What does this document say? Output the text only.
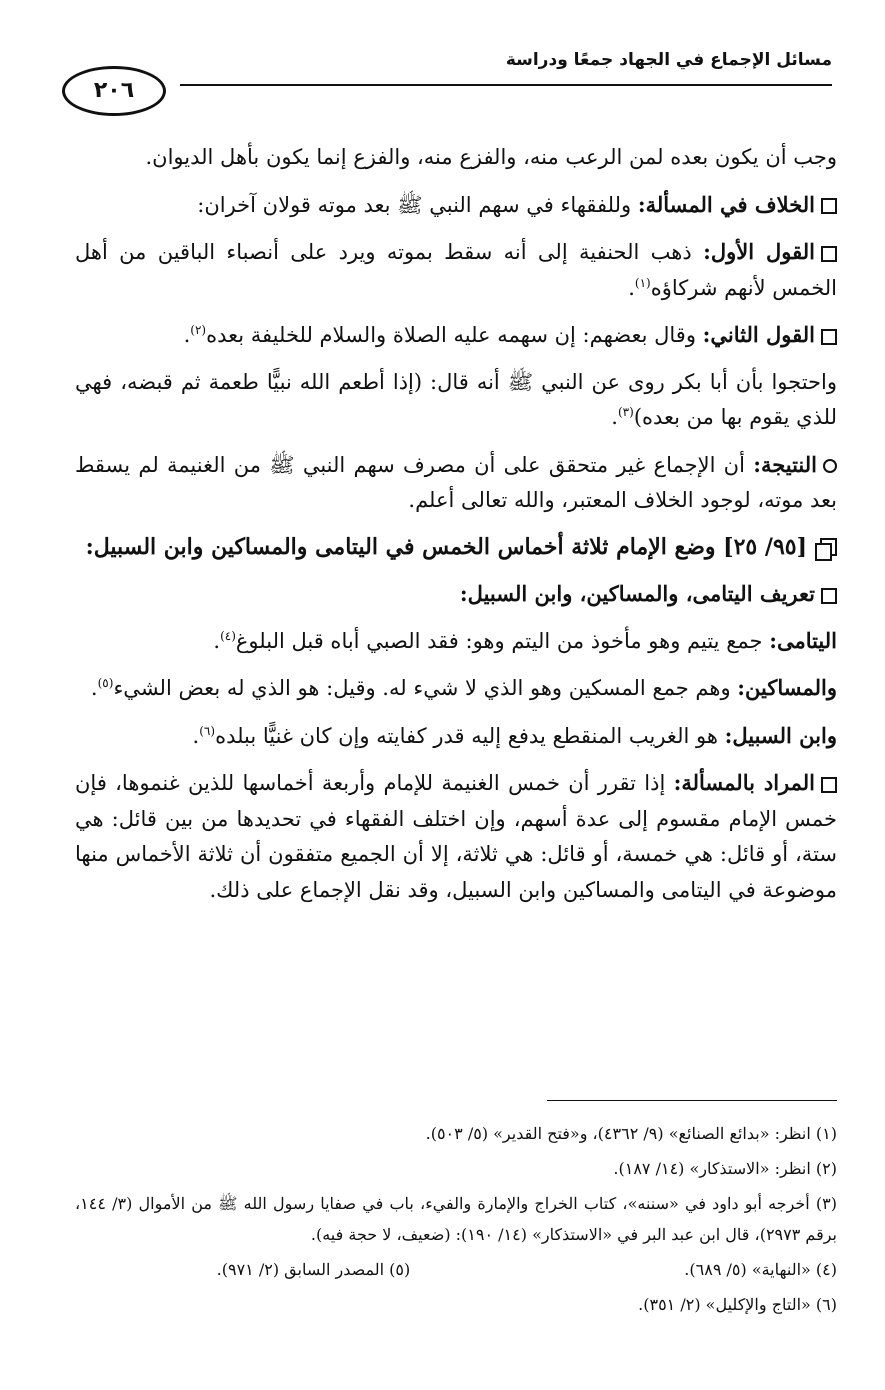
مسائل الإجماع في الجهاد جمعًا ودراسة
٢٠٦

وجب أن يكون بعده لمن الرعب منه، والفزع منه، والفزع إنما يكون بأهل الديوان.

الخلاف في المسألة: وللفقهاء في سهم النبي ﷺ بعد موته قولان آخران:

القول الأول: ذهب الحنفية إلى أنه سقط بموته ويرد على أنصباء الباقين من أهل الخمس لأنهم شركاؤه$^{(١)}$.

القول الثاني: وقال بعضهم: إن سهمه عليه الصلاة والسلام للخليفة بعده$^{(٢)}$.

واحتجوا بأن أبا بكر روى عن النبي ﷺ أنه قال: (إذا أطعم الله نبيًّا طعمة ثم قبضه، فهي للذي يقوم بها من بعده)$^{(٣)}$.

النتيجة: أن الإجماع غير متحقق على أن مصرف سهم النبي ﷺ من الغنيمة لم يسقط بعد موته، لوجود الخلاف المعتبر، والله تعالى أعلم.

[٩٥/ ٢٥] وضع الإمام ثلاثة أخماس الخمس في اليتامى والمساكين وابن السبيل:

تعريف اليتامى، والمساكين، وابن السبيل:

اليتامى: جمع يتيم وهو مأخوذ من اليتم وهو: فقد الصبي أباه قبل البلوغ$^{(٤)}$.

والمساكين: وهم جمع المسكين وهو الذي لا شيء له. وقيل: هو الذي له بعض الشيء$^{(٥)}$.

وابن السبيل: هو الغريب المنقطع يدفع إليه قدر كفايته وإن كان غنيًّا ببلده$^{(٦)}$.

المراد بالمسألة: إذا تقرر أن خمس الغنيمة للإمام وأربعة أخماسها للذين غنموها، فإن خمس الإمام مقسوم إلى عدة أسهم، وإن اختلف الفقهاء في تحديدها من بين قائل: هي ستة، أو قائل: هي خمسة، أو قائل: هي ثلاثة، إلا أن الجميع متفقون أن ثلاثة الأخماس منها موضوعة في اليتامى والمساكين وابن السبيل، وقد نقل الإجماع على ذلك.

(١) انظر: «بدائع الصنائع» (٩/ ٤٣٦٢)، و«فتح القدير» (٥/ ٥٠٣).
(٢) انظر: «الاستذكار» (١٤/ ١٨٧).
(٣) أخرجه أبو داود في «سننه»، كتاب الخراج والإمارة والفيء، باب في صفايا رسول الله ﷺ من الأموال (٣/ ١٤٤، برقم ٢٩٧٣)، قال ابن عبد البر في «الاستذكار» (١٤/ ١٩٠): (ضعيف، لا حجة فيه).
(٤) «النهاية» (٥/ ٦٨٩).
(٥) المصدر السابق (٢/ ٩٧١).
(٦) «التاج والإكليل» (٢/ ٣٥١).
